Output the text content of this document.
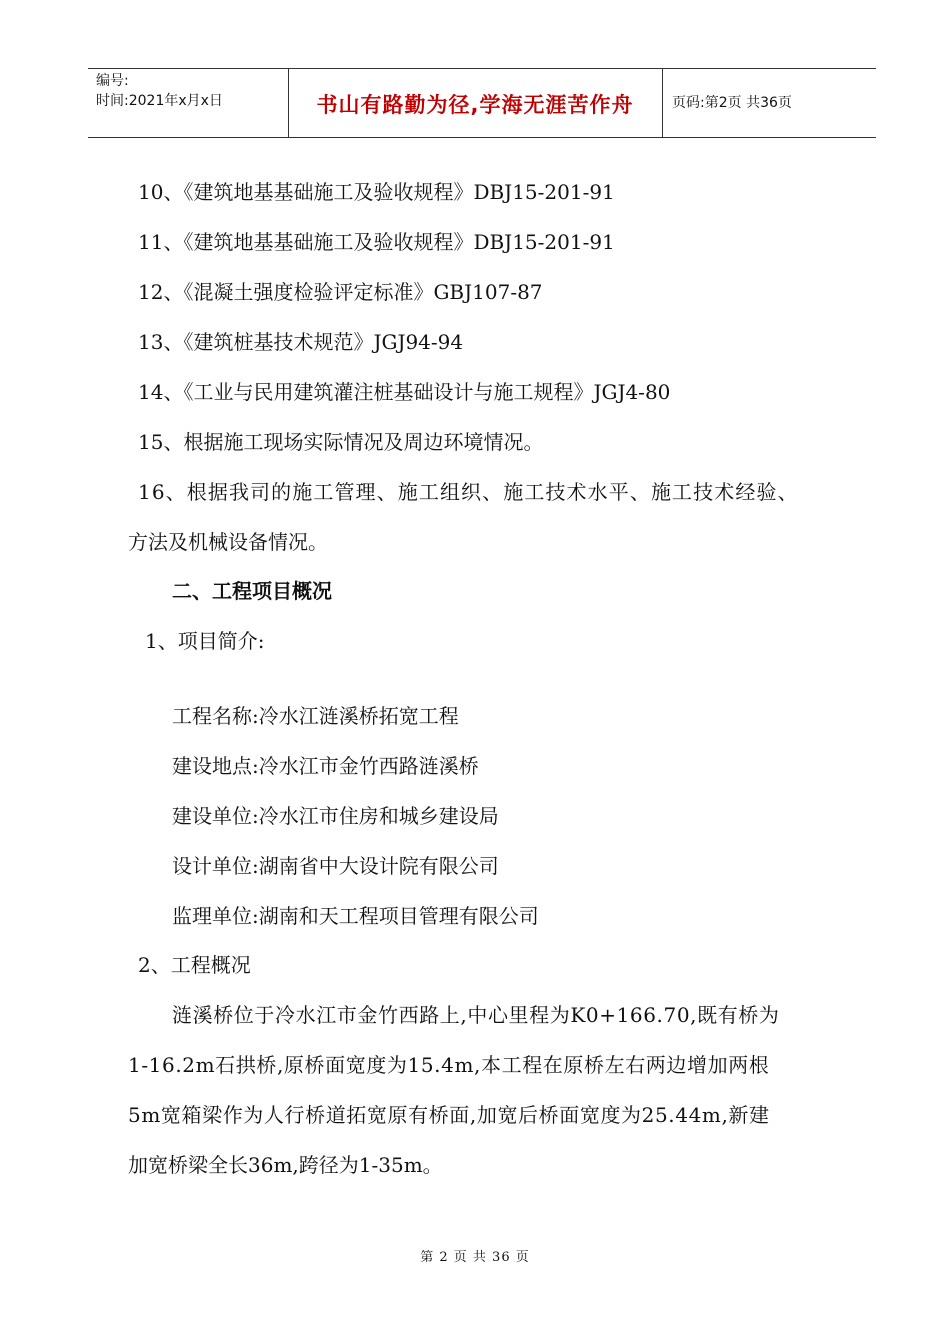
编号:
时间:2021年x月x日	书山有路勤为径,学海无涯苦作舟	页码:第2页 共36页
10、《建筑地基基础施工及验收规程》DBJ15-201-91
11、《建筑地基基础施工及验收规程》DBJ15-201-91
12、《混凝土强度检验评定标准》GBJ107-87
13、《建筑桩基技术规范》JGJ94-94
14、《工业与民用建筑灌注桩基础设计与施工规程》JGJ4-80
15、根据施工现场实际情况及周边环境情况。
16、根据我司的施工管理、施工组织、施工技术水平、施工技术经验、
方法及机械设备情况。
二、工程项目概况
1、项目简介:
工程名称:冷水江涟溪桥拓宽工程
建设地点:冷水江市金竹西路涟溪桥
建设单位:冷水江市住房和城乡建设局
设计单位:湖南省中大设计院有限公司
监理单位:湖南和天工程项目管理有限公司
2、工程概况
涟溪桥位于冷水江市金竹西路上,中心里程为K0+166.70,既有桥为
1-16.2m石拱桥,原桥面宽度为15.4m,本工程在原桥左右两边增加两根
5m宽箱梁作为人行桥道拓宽原有桥面,加宽后桥面宽度为25.44m,新建
加宽桥梁全长36m,跨径为1-35m。
第 2 页 共 36 页
